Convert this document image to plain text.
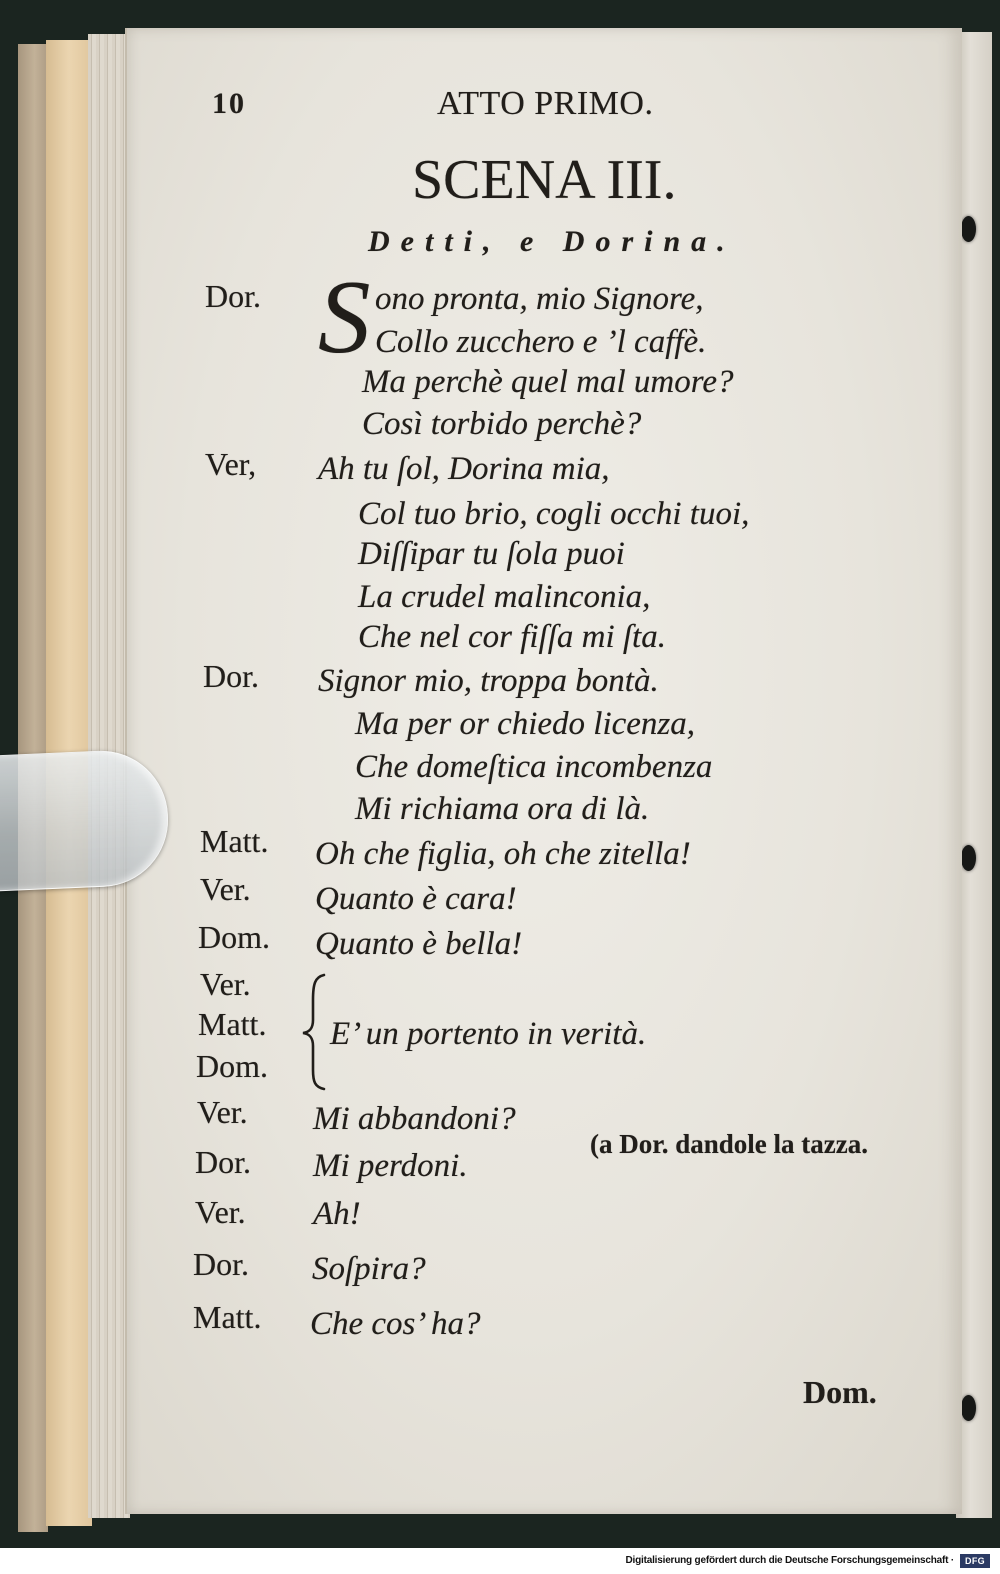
10	ATTO PRIMO.
SCENA III.
Detti, e Dorina.
Dor. S ono pronta, mio Signore,
Collo zucchero e ’l caffè.
Ma perchè quel mal umore?
Così torbido perchè?
Ver, Ah tu ſol, Dorina mia,
Col tuo brio, cogli occhi tuoi,
Diſſipar tu ſola puoi
La crudel malinconia,
Che nel cor fiſſa mi ſta.
Dor. Signor mio, troppa bontà.
Ma per or chiedo licenza,
Che domeſtica incombenza
Mi richiama ora di là.
Matt. Oh che figlia, oh che zitella!
Ver. Quanto è cara!
Dom. Quanto è bella!
Ver.
Matt.
Dom.
E’ un portento in verità.
Ver. Mi abbandoni?
(a Dor. dandole la tazza.
Dor. Mi perdoni.
Ver. Ah!
Dor. Soſpira?
Matt. Che cos’ ha?
Dom.
Digitalisierung gefördert durch die Deutsche Forschungsgemeinschaft ·	DFG
